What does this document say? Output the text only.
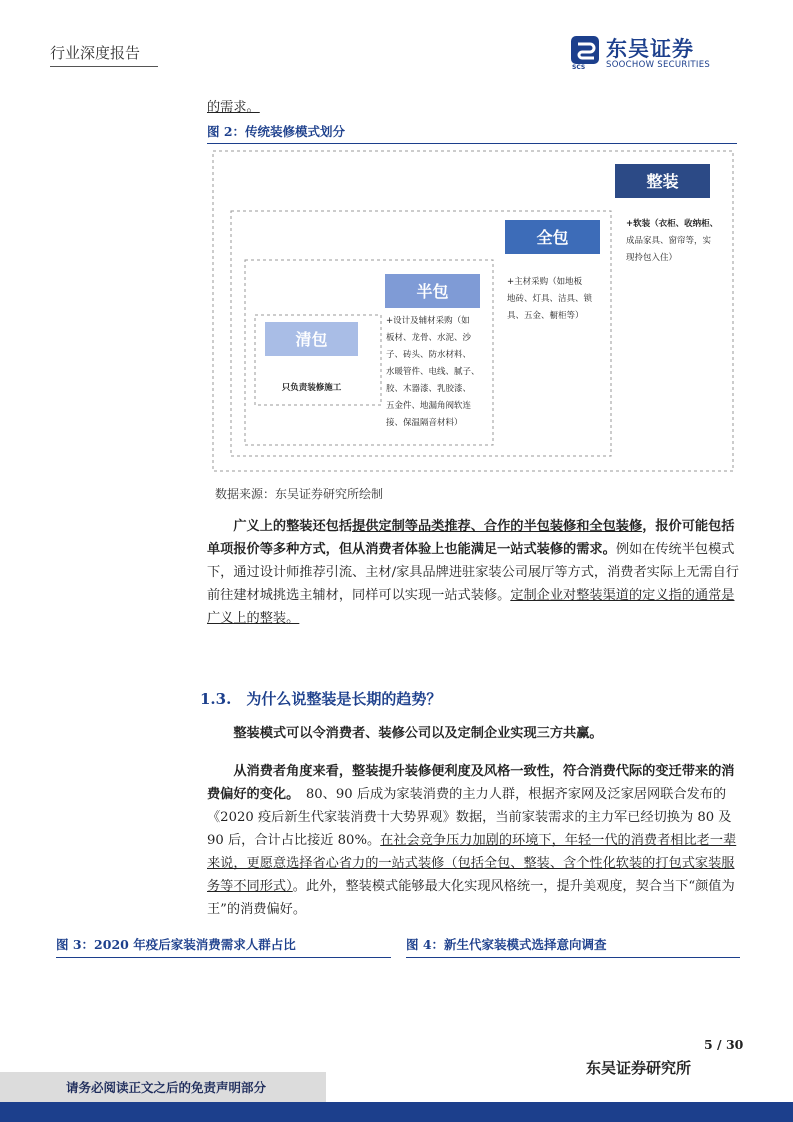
行业深度报告	东吴证券
SOOCHOW SECURITIES
SCS
的需求。
图 2：传统装修模式划分
整装
+软装（衣柜、收纳柜、
成品家具、窗帘等，实
现拎包入住）
全包
+主材采购（如地板
地砖、灯具、洁具、锁
具、五金、橱柜等）
半包
+设计及辅材采购（如
板材、龙骨、水泥、沙
子、砖头、防水材料、
水暖管件、电线、腻子、
胶、木器漆、乳胶漆、
五金件、地漏角阀软连
接、保温隔音材料）
清包
只负责装修施工
数据来源：东吴证券研究所绘制
  广义上的整装还包括提供定制等品类推荐、合作的半包装修和全包装修，报价可能包括单项报价等多种方式，但从消费者体验上也能满足一站式装修的需求。例如在传统半包模式下，通过设计师推荐引流、主材/家具品牌进驻家装公司展厅等方式，消费者实际上无需自行前往建材城挑选主辅材，同样可以实现一站式装修。定制企业对整装渠道的定义指的通常是广义上的整装。
1.3.  为什么说整装是长期的趋势？
  整装模式可以令消费者、装修公司以及定制企业实现三方共赢。
  从消费者角度来看，整装提升装修便利度及风格一致性，符合消费代际的变迁带来的消费偏好的变化。  80、90 后成为家装消费的主力人群，根据齐家网及泛家居网联合发布的《2020 疫后新生代家装消费十大势界观》数据，当前家装需求的主力军已经切换为 80 及 90 后，合计占比接近 80%。在社会竞争压力加剧的环境下，年轻一代的消费者相比老一辈来说，更愿意选择省心省力的一站式装修（包括全包、整装、含个性化软装的打包式家装服务等不同形式）。此外，整装模式能够最大化实现风格统一，提升美观度，契合当下“颜值为王”的消费偏好。
图 3：2020 年疫后家装消费需求人群占比	图 4：新生代家装模式选择意向调查
5 / 30
东吴证券研究所
请务必阅读正文之后的免责声明部分
